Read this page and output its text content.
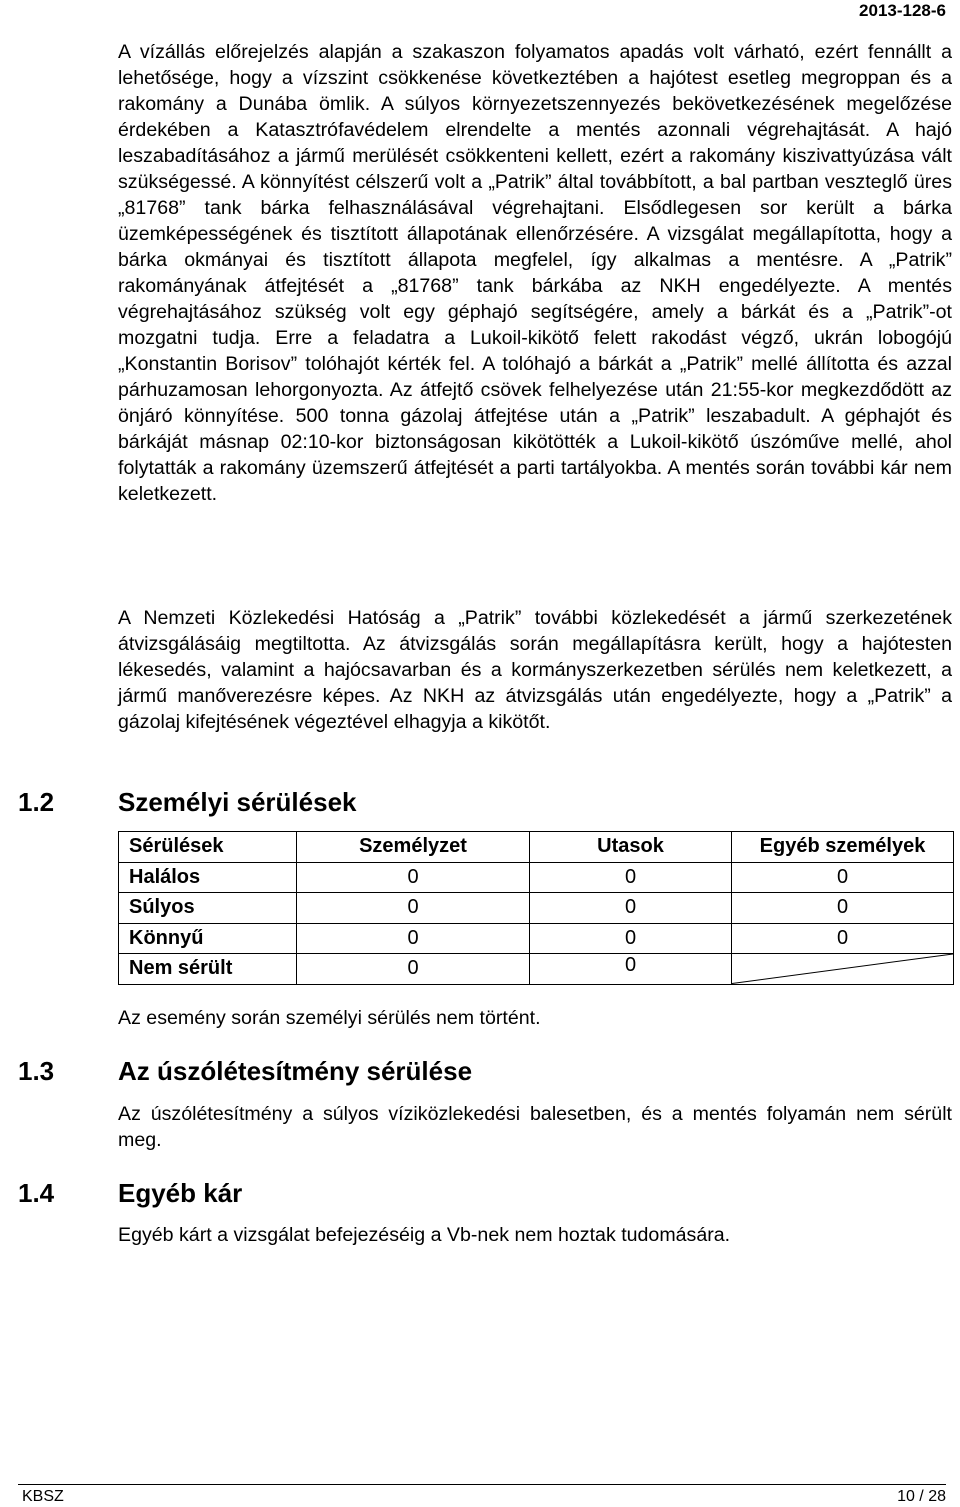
2013-128-6

A vízállás előrejelzés alapján a szakaszon folyamatos apadás volt várható, ezért fennállt a lehetősége, hogy a vízszint csökkenése következtében a hajótest esetleg megroppan és a rakomány a Dunába ömlik. A súlyos környezetszennyezés bekövetkezésének megelőzése érdekében a Katasztrófavédelem elrendelte a mentés azonnali végrehajtását. A hajó leszabadításához a jármű merülését csökkenteni kellett, ezért a rakomány kiszivattyúzása vált szükségessé. A könnyítést célszerű volt a „Patrik” által továbbított, a bal partban veszteglő üres „81768” tank bárka felhasználásával végrehajtani. Elsődlegesen sor került a bárka üzemképességének és tisztított állapotának ellenőrzésére. A vizsgálat megállapította, hogy a bárka okmányai és tisztított állapota megfelel, így alkalmas a mentésre. A „Patrik” rakományának átfejtését a „81768” tank bárkába az NKH engedélyezte. A mentés végrehajtásához szükség volt egy géphajó segítségére, amely a bárkát és a „Patrik”-ot mozgatni tudja. Erre a feladatra a Lukoil-kikötő felett rakodást végző, ukrán lobogójú „Konstantin Borisov” tolóhajót kérték fel. A tolóhajó a bárkát a „Patrik” mellé állította és azzal párhuzamosan lehorgonyozta. Az átfejtő csövek felhelyezése után 21:55-kor megkezdődött az önjáró könnyítése. 500 tonna gázolaj átfejtése után a „Patrik” leszabadult. A géphajót és bárkáját másnap 02:10-kor biztonságosan kikötötték a Lukoil-kikötő úszóműve mellé, ahol folytatták a rakomány üzemszerű átfejtését a parti tartályokba. A mentés során további kár nem keletkezett.

A Nemzeti Közlekedési Hatóság a „Patrik” további közlekedését a jármű szerkezetének átvizsgálásáig megtiltotta. Az átvizsgálás során megállapításra került, hogy a hajótesten lékesedés, valamint a hajócsavarban és a kormányszerkezetben sérülés nem keletkezett, a jármű manőverezésre képes. Az NKH az átvizsgálás után engedélyezte, hogy a „Patrik” a gázolaj kifejtésének végeztével elhagyja a kikötőt.

1.2 Személyi sérülések
Sérülések	Személyzet	Utasok	Egyéb személyek
Halálos	0	0	0
Súlyos	0	0	0
Könnyű	0	0	0
Nem sérült	0	0	

Az esemény során személyi sérülés nem történt.

1.3 Az úszólétesítmény sérülése

Az úszólétesítmény a súlyos víziközlekedési balesetben, és a mentés folyamán nem sérült meg.

1.4 Egyéb kár

Egyéb kárt a vizsgálat befejezéséig a Vb-nek nem hoztak tudomására.

KBSZ	10 / 28
